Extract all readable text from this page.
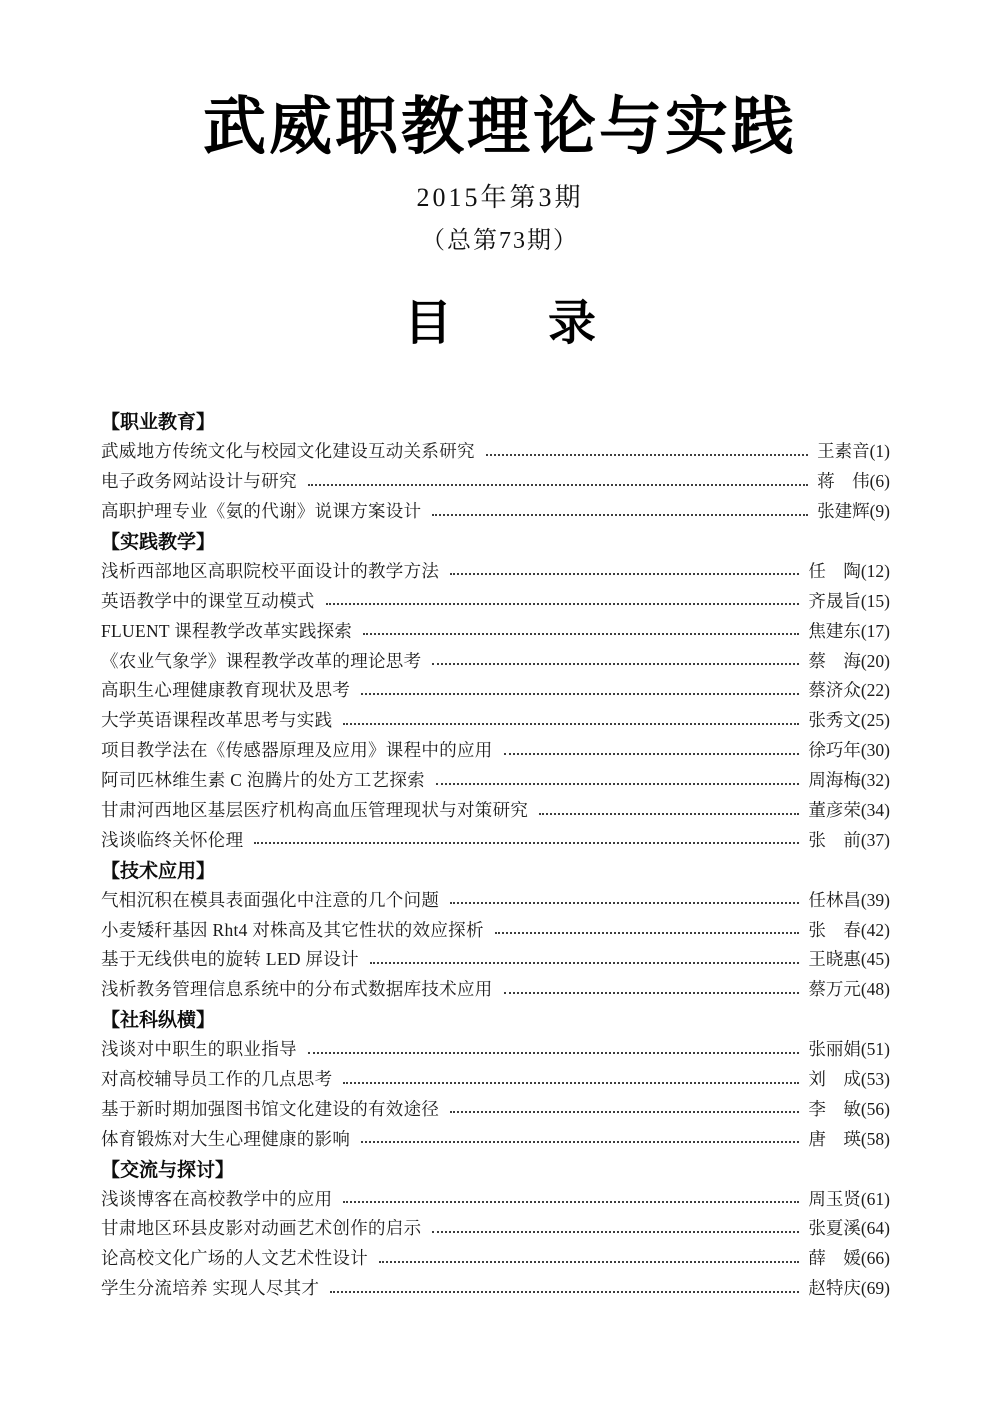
武威职教理论与实践
2015年第3期
（总第73期）
目　　录
【职业教育】
武威地方传统文化与校园文化建设互动关系研究	王素音(1)
电子政务网站设计与研究	蒋　伟(6)
高职护理专业《氨的代谢》说课方案设计	张建辉(9)
【实践教学】
浅析西部地区高职院校平面设计的教学方法	任　陶(12)
英语教学中的课堂互动模式	齐晟旨(15)
FLUENT 课程教学改革实践探索	焦建东(17)
《农业气象学》课程教学改革的理论思考	蔡　海(20)
高职生心理健康教育现状及思考	蔡济众(22)
大学英语课程改革思考与实践	张秀文(25)
项目教学法在《传感器原理及应用》课程中的应用	徐巧年(30)
阿司匹林维生素 C 泡腾片的处方工艺探索	周海梅(32)
甘肃河西地区基层医疗机构高血压管理现状与对策研究	董彦荣(34)
浅谈临终关怀伦理	张　前(37)
【技术应用】
气相沉积在模具表面强化中注意的几个问题	任林昌(39)
小麦矮秆基因 Rht4 对株高及其它性状的效应探析	张　春(42)
基于无线供电的旋转 LED 屏设计	王晓惠(45)
浅析教务管理信息系统中的分布式数据库技术应用	蔡万元(48)
【社科纵横】
浅谈对中职生的职业指导	张丽娟(51)
对高校辅导员工作的几点思考	刘　成(53)
基于新时期加强图书馆文化建设的有效途径	李　敏(56)
体育锻炼对大生心理健康的影响	唐　瑛(58)
【交流与探讨】
浅谈博客在高校教学中的应用	周玉贤(61)
甘肃地区环县皮影对动画艺术创作的启示	张夏溪(64)
论高校文化广场的人文艺术性设计	薛　媛(66)
学生分流培养 实现人尽其才	赵特庆(69)
